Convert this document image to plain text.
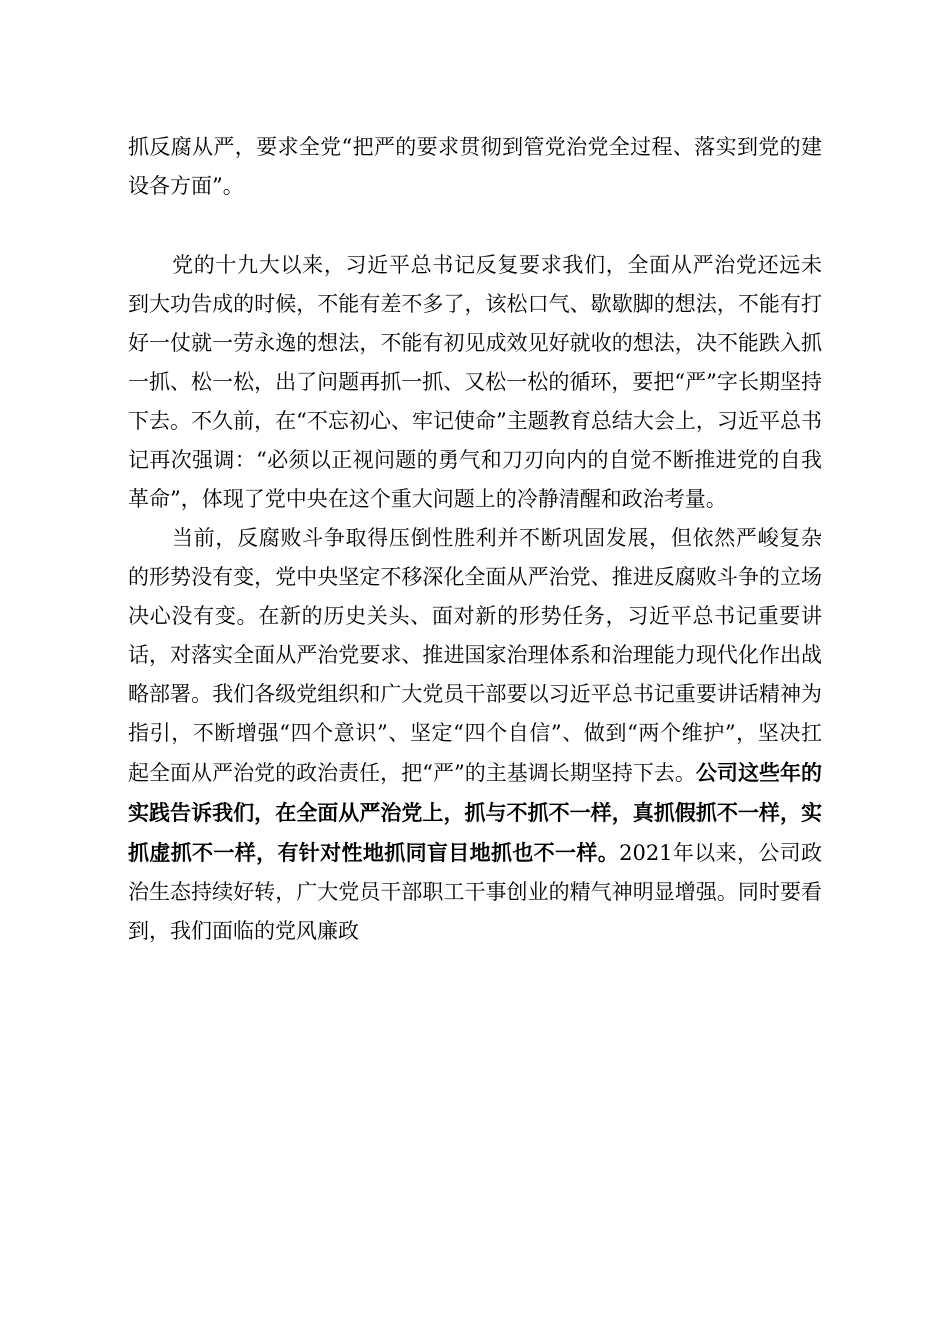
抓反腐从严，要求全党“把严的要求贯彻到管党治党全过程、落实到党的建设各方面”。

党的十九大以来，习近平总书记反复要求我们，全面从严治党还远未到大功告成的时候，不能有差不多了，该松口气、歇歇脚的想法，不能有打好一仗就一劳永逸的想法，不能有初见成效见好就收的想法，决不能跌入抓一抓、松一松，出了问题再抓一抓、又松一松的循环，要把“严”字长期坚持下去。不久前，在“不忘初心、牢记使命”主题教育总结大会上，习近平总书记再次强调：“必须以正视问题的勇气和刀刃向内的自觉不断推进党的自我革命”，体现了党中央在这个重大问题上的冷静清醒和政治考量。

当前，反腐败斗争取得压倒性胜利并不断巩固发展，但依然严峻复杂的形势没有变，党中央坚定不移深化全面从严治党、推进反腐败斗争的立场决心没有变。在新的历史关头、面对新的形势任务，习近平总书记重要讲话，对落实全面从严治党要求、推进国家治理体系和治理能力现代化作出战略部署。我们各级党组织和广大党员干部要以习近平总书记重要讲话精神为指引，不断增强“四个意识”、坚定“四个自信”、做到“两个维护”，坚决扛起全面从严治党的政治责任，把“严”的主基调长期坚持下去。公司这些年的实践告诉我们，在全面从严治党上，抓与不抓不一样，真抓假抓不一样，实抓虚抓不一样，有针对性地抓同盲目地抓也不一样。2021年以来，公司政治生态持续好转，广大党员干部职工干事创业的精气神明显增强。同时要看到，我们面临的党风廉政
